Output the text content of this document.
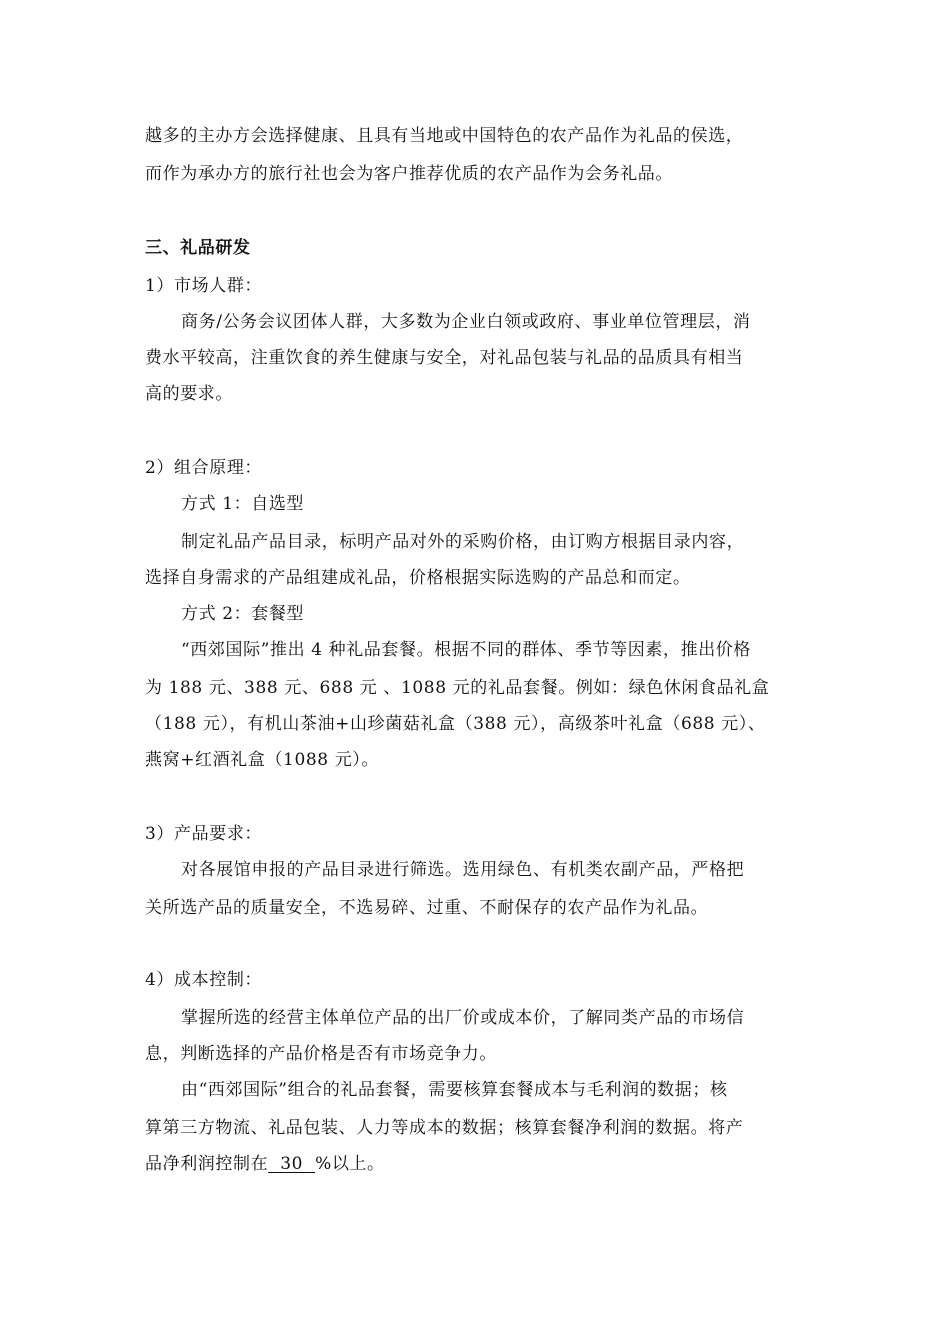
越多的主办方会选择健康、且具有当地或中国特色的农产品作为礼品的侯选，
而作为承办方的旅行社也会为客户推荐优质的农产品作为会务礼品。
三、礼品研发
1）市场人群：
商务/公务会议团体人群，大多数为企业白领或政府、事业单位管理层，消
费水平较高，注重饮食的养生健康与安全，对礼品包装与礼品的品质具有相当
高的要求。
2）组合原理：
方式 1：自选型
制定礼品产品目录，标明产品对外的采购价格，由订购方根据目录内容，
选择自身需求的产品组建成礼品，价格根据实际选购的产品总和而定。
方式 2：套餐型
“西郊国际”推出 4 种礼品套餐。根据不同的群体、季节等因素，推出价格
为 188 元、388 元、688 元 、1088 元的礼品套餐。例如：绿色休闲食品礼盒
（188 元），有机山茶油+山珍菌菇礼盒（388 元），高级茶叶礼盒（688 元）、
燕窝+红酒礼盒（1088 元）。
3）产品要求：
对各展馆申报的产品目录进行筛选。选用绿色、有机类农副产品，严格把
关所选产品的质量安全，不选易碎、过重、不耐保存的农产品作为礼品。
4）成本控制：
掌握所选的经营主体单位产品的出厂价或成本价，了解同类产品的市场信
息，判断选择的产品价格是否有市场竞争力。
由“西郊国际”组合的礼品套餐，需要核算套餐成本与毛利润的数据；核
算第三方物流、礼品包装、人力等成本的数据；核算套餐净利润的数据。将产
品净利润控制在  30  %以上。
